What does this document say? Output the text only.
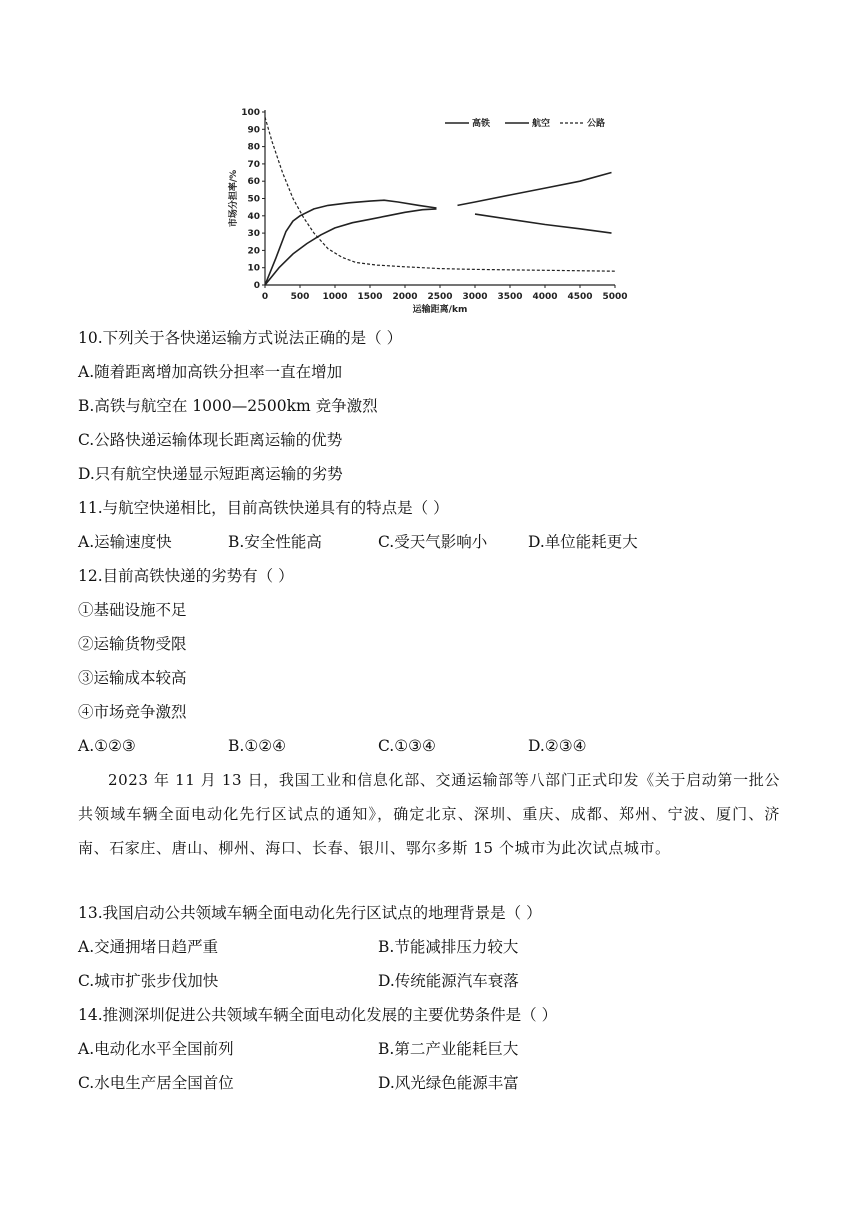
0 500 1000 1500 2000 2500 3000 3500 4000 4500 5000
0
10
20
30
40
50
60
70
80
90
100
运输距离/km
市场分担率/%
高铁	航空	公路
10.下列关于各快递运输方式说法正确的是（ ）
A.随着距离增加高铁分担率一直在增加
B.高铁与航空在 1000—2500km 竞争激烈
C.公路快递运输体现长距离运输的优势
D.只有航空快递显示短距离运输的劣势
11.与航空快递相比，目前高铁快递具有的特点是（ ）
A.运输速度快	B.安全性能高	C.受天气影响小	D.单位能耗更大
12.目前高铁快递的劣势有（ ）
①基础设施不足
②运输货物受限
③运输成本较高
④市场竞争激烈
A.①②③	B.①②④	C.①③④	D.②③④
2023 年 11 月 13 日，我国工业和信息化部、交通运输部等八部门正式印发《关于启动第一批公共领域车辆全面电动化先行区试点的通知》，确定北京、深圳、重庆、成都、郑州、宁波、厦门、济南、石家庄、唐山、柳州、海口、长春、银川、鄂尔多斯 15 个城市为此次试点城市。
13.我国启动公共领域车辆全面电动化先行区试点的地理背景是（ ）
A.交通拥堵日趋严重	B.节能减排压力较大
C.城市扩张步伐加快	D.传统能源汽车衰落
14.推测深圳促进公共领域车辆全面电动化发展的主要优势条件是（ ）
A.电动化水平全国前列	B.第二产业能耗巨大
C.水电生产居全国首位	D.风光绿色能源丰富
